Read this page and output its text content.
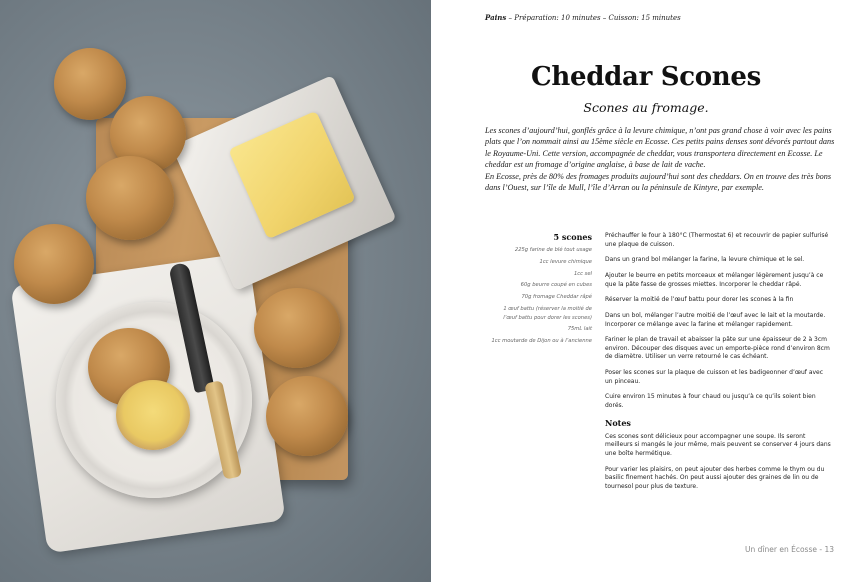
Pains – Préparation: 10 minutes – Cuisson: 15 minutes
Cheddar Scones
Scones au fromage.

Les scones d’aujourd’hui, gonflés grâce à la levure chimique, n’ont pas grand chose à voir avec les pains plats que l’on nommait ainsi au 15ème siècle en Ecosse. Ces petits pains denses sont dévorés partout dans le Royaume-Uni. Cette version, accompagnée de cheddar, vous transportera directement en Ecosse. Le cheddar est un fromage d’origine anglaise, à base de lait de vache.

En Ecosse, près de 80% des fromages produits aujourd’hui sont des cheddars. On en trouve des très bons dans l’Ouest, sur l’île de Mull, l’île d’Arran ou la péninsule de Kintyre, par exemple.

5 scones
225g farine de blé tout usage
1cc levure chimique
1cc sel
60g beurre coupé en cubes
70g fromage Cheddar râpé
1 œuf battu (réserver la moitié de l’œuf battu pour dorer les scones)
75mL lait
1cc moutarde de Dijon ou à l’ancienne

Préchauffer le four à 180°C (Thermostat 6) et recouvrir de papier sulfurisé une plaque de cuisson.

Dans un grand bol mélanger la farine, la levure chimique et le sel.

Ajouter le beurre en petits morceaux et mélanger légèrement jusqu’à ce que la pâte fasse de grosses miettes. Incorporer le cheddar râpé.

Réserver la moitié de l’œuf battu pour dorer les scones à la fin

Dans un bol, mélanger l’autre moitié de l’œuf avec le lait et la moutarde. Incorporer ce mélange avec la farine et mélanger rapidement.

Fariner le plan de travail et abaisser la pâte sur une épaisseur de 2 à 3cm environ. Découper des disques avec un emporte-pièce rond d’environ 8cm de diamètre. Utiliser un verre retourné le cas échéant.

Poser les scones sur la plaque de cuisson et les badigeonner d’œuf avec un pinceau.

Cuire environ 15 minutes à four chaud ou jusqu’à ce qu’ils soient bien dorés.

Notes

Ces scones sont délicieux pour accompagner une soupe. Ils seront meilleurs si mangés le jour même, mais peuvent se conserver 4 jours dans une boîte hermétique.

Pour varier les plaisirs, on peut ajouter des herbes comme le thym ou du basilic finement hachés. On peut aussi ajouter des graines de lin ou de tournesol pour plus de texture.

Un dîner en Écosse - 13
